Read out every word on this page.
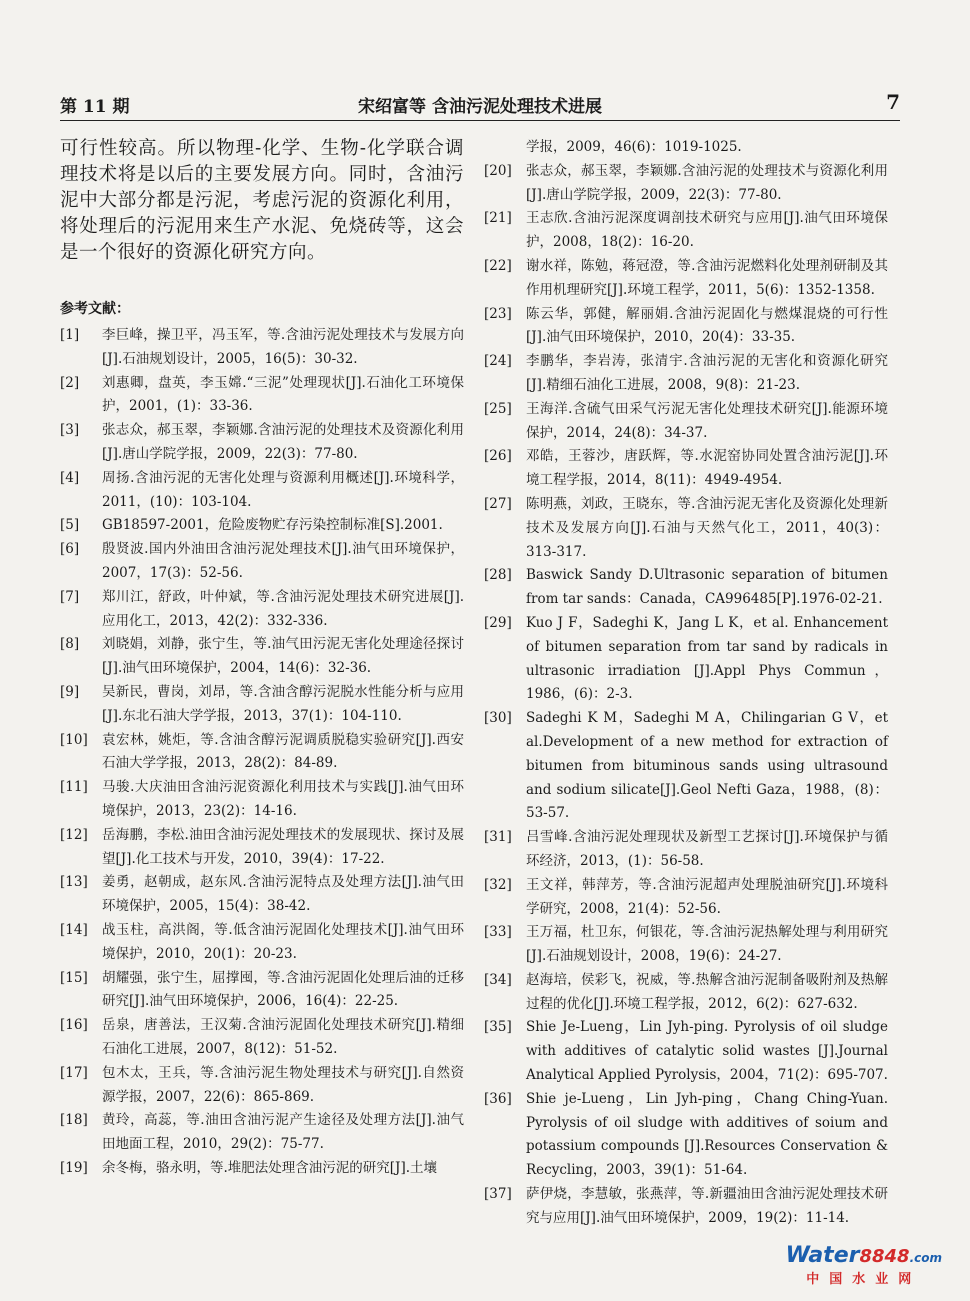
第 11 期	宋绍富等 含油污泥处理技术进展	7

可行性较高。所以物理-化学、生物-化学联合调理技术将是以后的主要发展方向。同时，含油污泥中大部分都是污泥，考虑污泥的资源化利用，将处理后的污泥用来生产水泥、免烧砖等，这会是一个很好的资源化研究方向。

参考文献：
[1]	李巨峰，操卫平，冯玉军，等.含油污泥处理技术与发展方向[J].石油规划设计，2005，16(5)：30-32.
[2]	刘惠卿，盘英，李玉嫦.“三泥”处理现状[J].石油化工环境保护，2001，(1)：33-36.
[3]	张志众，郝玉翠，李颖娜.含油污泥的处理技术及资源化利用[J].唐山学院学报，2009，22(3)：77-80.
[4]	周扬.含油污泥的无害化处理与资源利用概述[J].环境科学，2011，(10)：103-104.
[5]	GB18597-2001，危险废物贮存污染控制标准[S].2001.
[6]	殷贤波.国内外油田含油污泥处理技术[J].油气田环境保护，2007，17(3)：52-56.
[7]	郑川江，舒政，叶仲斌，等.含油污泥处理技术研究进展[J].应用化工，2013，42(2)：332-336.
[8]	刘晓娟，刘静，张宁生，等.油气田污泥无害化处理途径探讨[J].油气田环境保护，2004，14(6)：32-36.
[9]	吴新民，曹岗，刘昂，等.含油含醇污泥脱水性能分析与应用[J].东北石油大学学报，2013，37(1)：104-110.
[10]	袁宏林，姚炬，等.含油含醇污泥调质脱稳实验研究[J].西安石油大学学报，2013，28(2)：84-89.
[11]	马骏.大庆油田含油污泥资源化利用技术与实践[J].油气田环境保护，2013，23(2)：14-16.
[12]	岳海鹏，李松.油田含油污泥处理技术的发展现状、探讨及展望[J].化工技术与开发，2010，39(4)：17-22.
[13]	姜勇，赵朝成，赵东风.含油污泥特点及处理方法[J].油气田环境保护，2005，15(4)：38-42.
[14]	战玉柱，高洪阁，等.低含油污泥固化处理技术[J].油气田环境保护，2010，20(1)：20-23.
[15]	胡耀强，张宁生，屈撑囤，等.含油污泥固化处理后油的迁移研究[J].油气田环境保护，2006，16(4)：22-25.
[16]	岳泉，唐善法，王汉菊.含油污泥固化处理技术研究[J].精细石油化工进展，2007，8(12)：51-52.
[17]	包木太，王兵，等.含油污泥生物处理技术与研究[J].自然资源学报，2007，22(6)：865-869.
[18]	黄玲，高蕊，等.油田含油污泥产生途径及处理方法[J].油气田地面工程，2010，29(2)：75-77.
[19]	余冬梅，骆永明，等.堆肥法处理含油污泥的研究[J].土壤
学报，2009，46(6)：1019-1025.
[20]	张志众，郝玉翠，李颖娜.含油污泥的处理技术与资源化利用[J].唐山学院学报，2009，22(3)：77-80.
[21]	王志欣.含油污泥深度调剖技术研究与应用[J].油气田环境保护，2008，18(2)：16-20.
[22]	谢水祥，陈勉，蒋冠澄，等.含油污泥燃料化处理剂研制及其作用机理研究[J].环境工程学，2011，5(6)：1352-1358.
[23]	陈云华，郭健，解丽娟.含油污泥固化与燃煤混烧的可行性[J].油气田环境保护，2010，20(4)：33-35.
[24]	李鹏华，李岩涛，张清宇.含油污泥的无害化和资源化研究[J].精细石油化工进展，2008，9(8)：21-23.
[25]	王海洋.含硫气田采气污泥无害化处理技术研究[J].能源环境保护，2014，24(8)：34-37.
[26]	邓皓，王蓉沙，唐跃辉，等.水泥窑协同处置含油污泥[J].环境工程学报，2014，8(11)：4949-4954.
[27]	陈明燕，刘政，王晓东，等.含油污泥无害化及资源化处理新技术及发展方向[J].石油与天然气化工，2011，40(3)：313-317.
[28]	Baswick Sandy D.Ultrasonic separation of bitumen from tar sands：Canada，CA996485[P].1976-02-21.
[29]	Kuo J F，Sadeghi K，Jang L K，et al. Enhancement of bitumen separation from tar sand by radicals in ultrasonic irradiation [J].Appl Phys Commun，1986，(6)：2-3.
[30]	Sadeghi K M，Sadeghi M A，Chilingarian G V，et al.Development of a new method for extraction of bitumen from bituminous sands using ultrasound and sodium silicate[J].Geol Nefti Gaza，1988，(8)：53-57.
[31]	吕雪峰.含油污泥处理现状及新型工艺探讨[J].环境保护与循环经济，2013，(1)：56-58.
[32]	王文祥，韩萍芳，等.含油污泥超声处理脱油研究[J].环境科学研究，2008，21(4)：52-56.
[33]	王万福，杜卫东，何银花，等.含油污泥热解处理与利用研究[J].石油规划设计，2008，19(6)：24-27.
[34]	赵海培，侯彩飞，祝威，等.热解含油污泥制备吸附剂及热解过程的优化[J].环境工程学报，2012，6(2)：627-632.
[35]	Shie Je-Lueng，Lin Jyh-ping. Pyrolysis of oil sludge with additives of catalytic solid wastes [J].Journal Analytical Applied Pyrolysis，2004，71(2)：695-707.
[36]	Shie je-Lueng，Lin Jyh-ping，Chang Ching-Yuan. Pyrolysis of oil sludge with additives of soium and potassium compounds [J].Resources Conservation & Recycling，2003，39(1)：51-64.
[37]	萨伊烧，李慧敏，张燕萍，等.新疆油田含油污泥处理技术研究与应用[J].油气田环境保护，2009，19(2)：11-14.
Water8848.com
中国水业网
